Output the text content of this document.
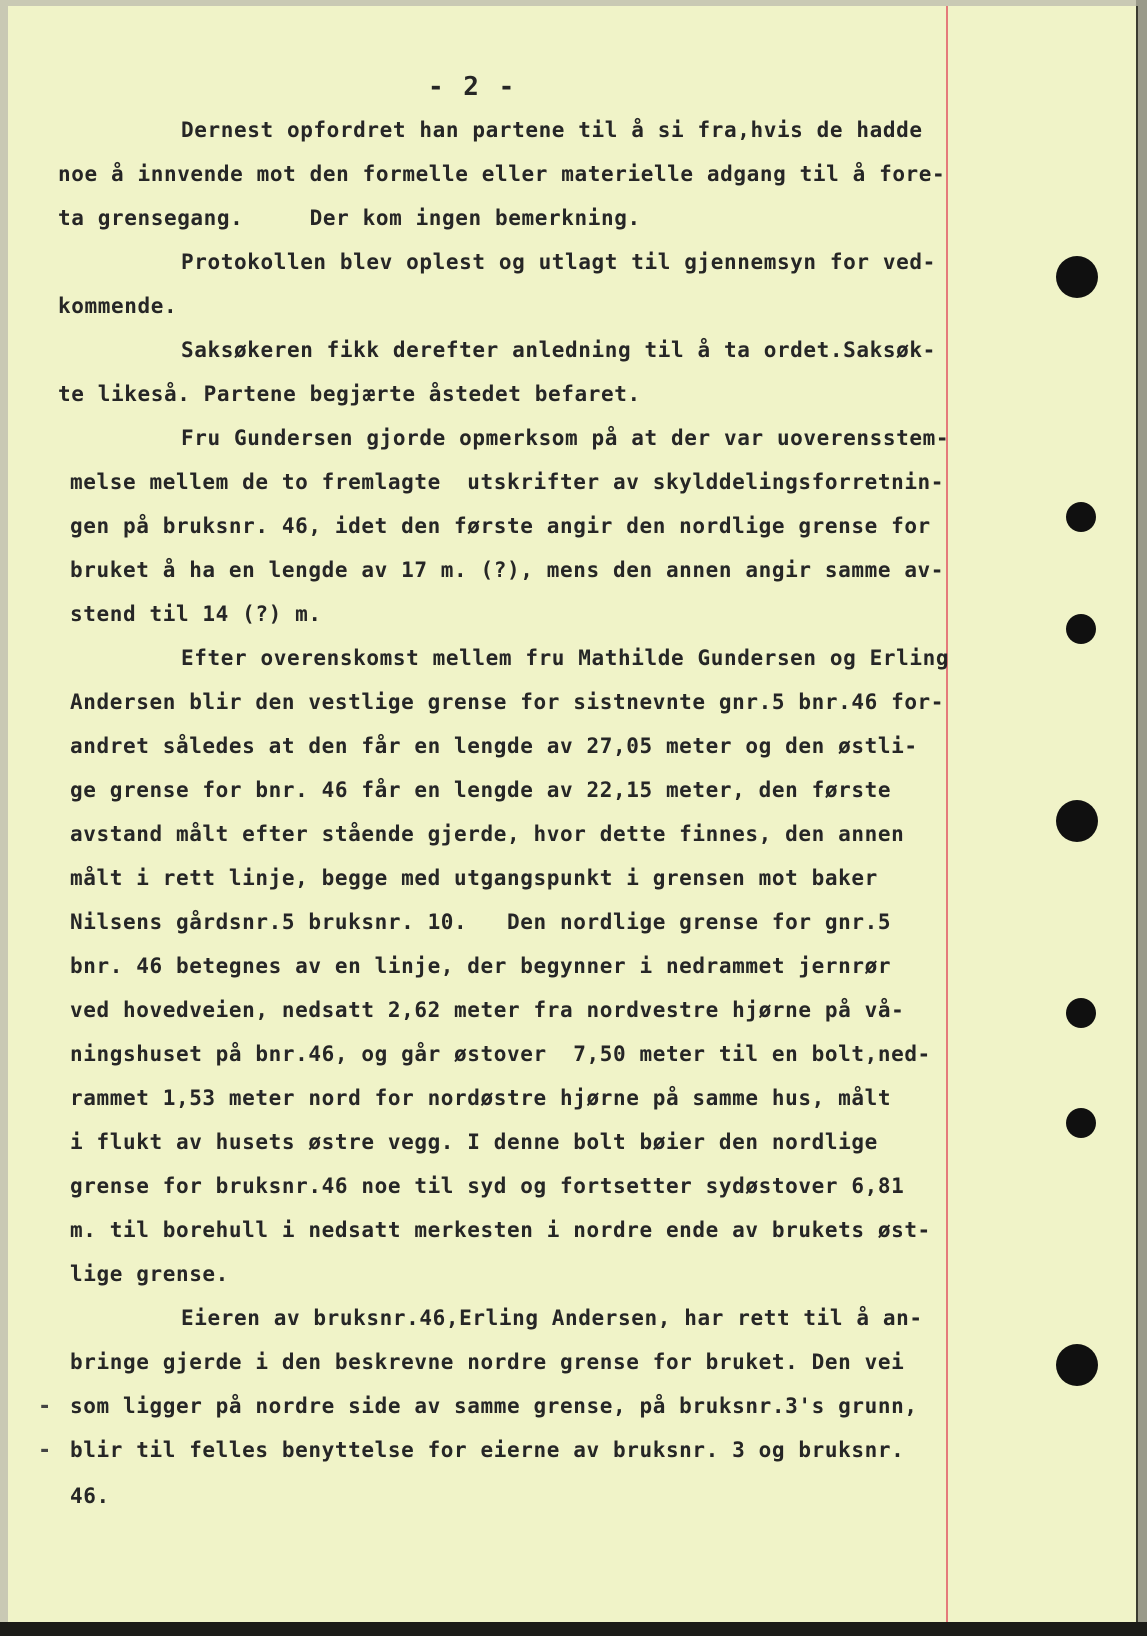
- 2 -
Dernest opfordret han partene til å si fra,hvis de hadde
noe å innvende mot den formelle eller materielle adgang til å fore-
ta grensegang.     Der kom ingen bemerkning.
Protokollen blev oplest og utlagt til gjennemsyn for ved-
kommende.
Saksøkeren fikk derefter anledning til å ta ordet.Saksøk-
te likeså. Partene begjærte åstedet befaret.
Fru Gundersen gjorde opmerksom på at der var uoverensstem-
melse mellem de to fremlagte  utskrifter av skylddelingsforretnin-
gen på bruksnr. 46, idet den første angir den nordlige grense for
bruket å ha en lengde av 17 m. (?), mens den annen angir samme av-
stend til 14 (?) m.
Efter overenskomst mellem fru Mathilde Gundersen og Erling
Andersen blir den vestlige grense for sistnevnte gnr.5 bnr.46 for-
andret således at den får en lengde av 27,05 meter og den østli-
ge grense for bnr. 46 får en lengde av 22,15 meter, den første
avstand målt efter stående gjerde, hvor dette finnes, den annen
målt i rett linje, begge med utgangspunkt i grensen mot baker
Nilsens gårdsnr.5 bruksnr. 10.   Den nordlige grense for gnr.5
bnr. 46 betegnes av en linje, der begynner i nedrammet jernrør
ved hovedveien, nedsatt 2,62 meter fra nordvestre hjørne på vå-
ningshuset på bnr.46, og går østover  7,50 meter til en bolt,ned-
rammet 1,53 meter nord for nordøstre hjørne på samme hus, målt
i flukt av husets østre vegg. I denne bolt bøier den nordlige
grense for bruksnr.46 noe til syd og fortsetter sydøstover 6,81
m. til borehull i nedsatt merkesten i nordre ende av brukets øst-
lige grense.
Eieren av bruksnr.46,Erling Andersen, har rett til å an-
bringe gjerde i den beskrevne nordre grense for bruket. Den vei
som ligger på nordre side av samme grense, på bruksnr.3's grunn,
blir til felles benyttelse for eierne av bruksnr. 3 og bruksnr.
46.
-
-
